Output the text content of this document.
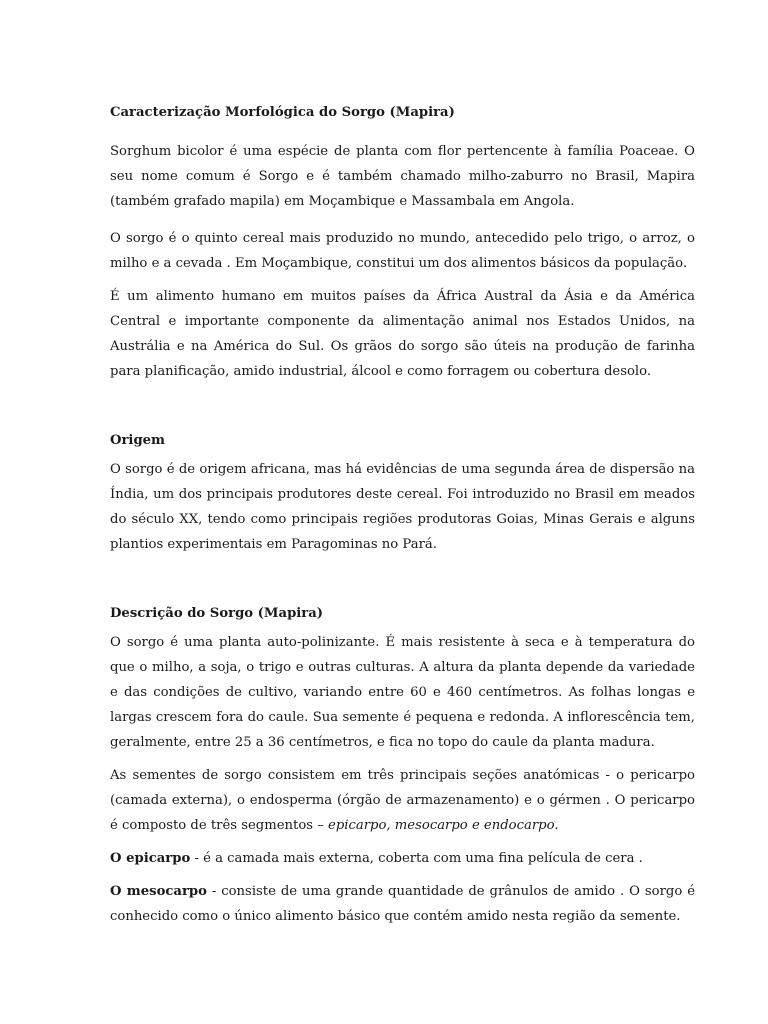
Caracterização Morfológica do Sorgo (Mapira)

Sorghum bicolor é uma espécie de planta com flor pertencente à família Poaceae. O seu nome comum é Sorgo e é também chamado milho-zaburro no Brasil, Mapira (também grafado mapila) em Moçambique e Massambala em Angola.

O sorgo é o quinto cereal mais produzido no mundo, antecedido pelo trigo, o arroz, o milho e a cevada . Em Moçambique, constitui um dos alimentos básicos da população.

É um alimento humano em muitos países da África Austral da Ásia e da América Central e importante componente da alimentação animal nos Estados Unidos, na Austrália e na América do Sul. Os grãos do sorgo são úteis na produção de farinha para planificação, amido industrial, álcool e como forragem ou cobertura desolo.

Origem

O sorgo é de origem africana, mas há evidências de uma segunda área de dispersão na Índia, um dos principais produtores deste cereal. Foi introduzido no Brasil em meados do século XX, tendo como principais regiões produtoras Goias, Minas Gerais e alguns plantios experimentais em Paragominas no Pará.

Descrição do Sorgo (Mapira)

O sorgo é uma planta auto-polinizante. É mais resistente à seca e à temperatura do que o milho, a soja, o trigo e outras culturas. A altura da planta depende da variedade e das condições de cultivo, variando entre 60 e 460 centímetros. As folhas longas e largas crescem fora do caule. Sua semente é pequena e redonda. A inflorescência tem, geralmente, entre 25 a 36 centímetros, e fica no topo do caule da planta madura.

As sementes de sorgo consistem em três principais seções anatómicas - o pericarpo (camada externa), o endosperma (órgão de armazenamento) e o gérmen . O pericarpo é composto de três segmentos – epicarpo, mesocarpo e endocarpo.

O epicarpo - é a camada mais externa, coberta com uma fina película de cera .

O mesocarpo - consiste de uma grande quantidade de grânulos de amido . O sorgo é conhecido como o único alimento básico que contém amido nesta região da semente.
